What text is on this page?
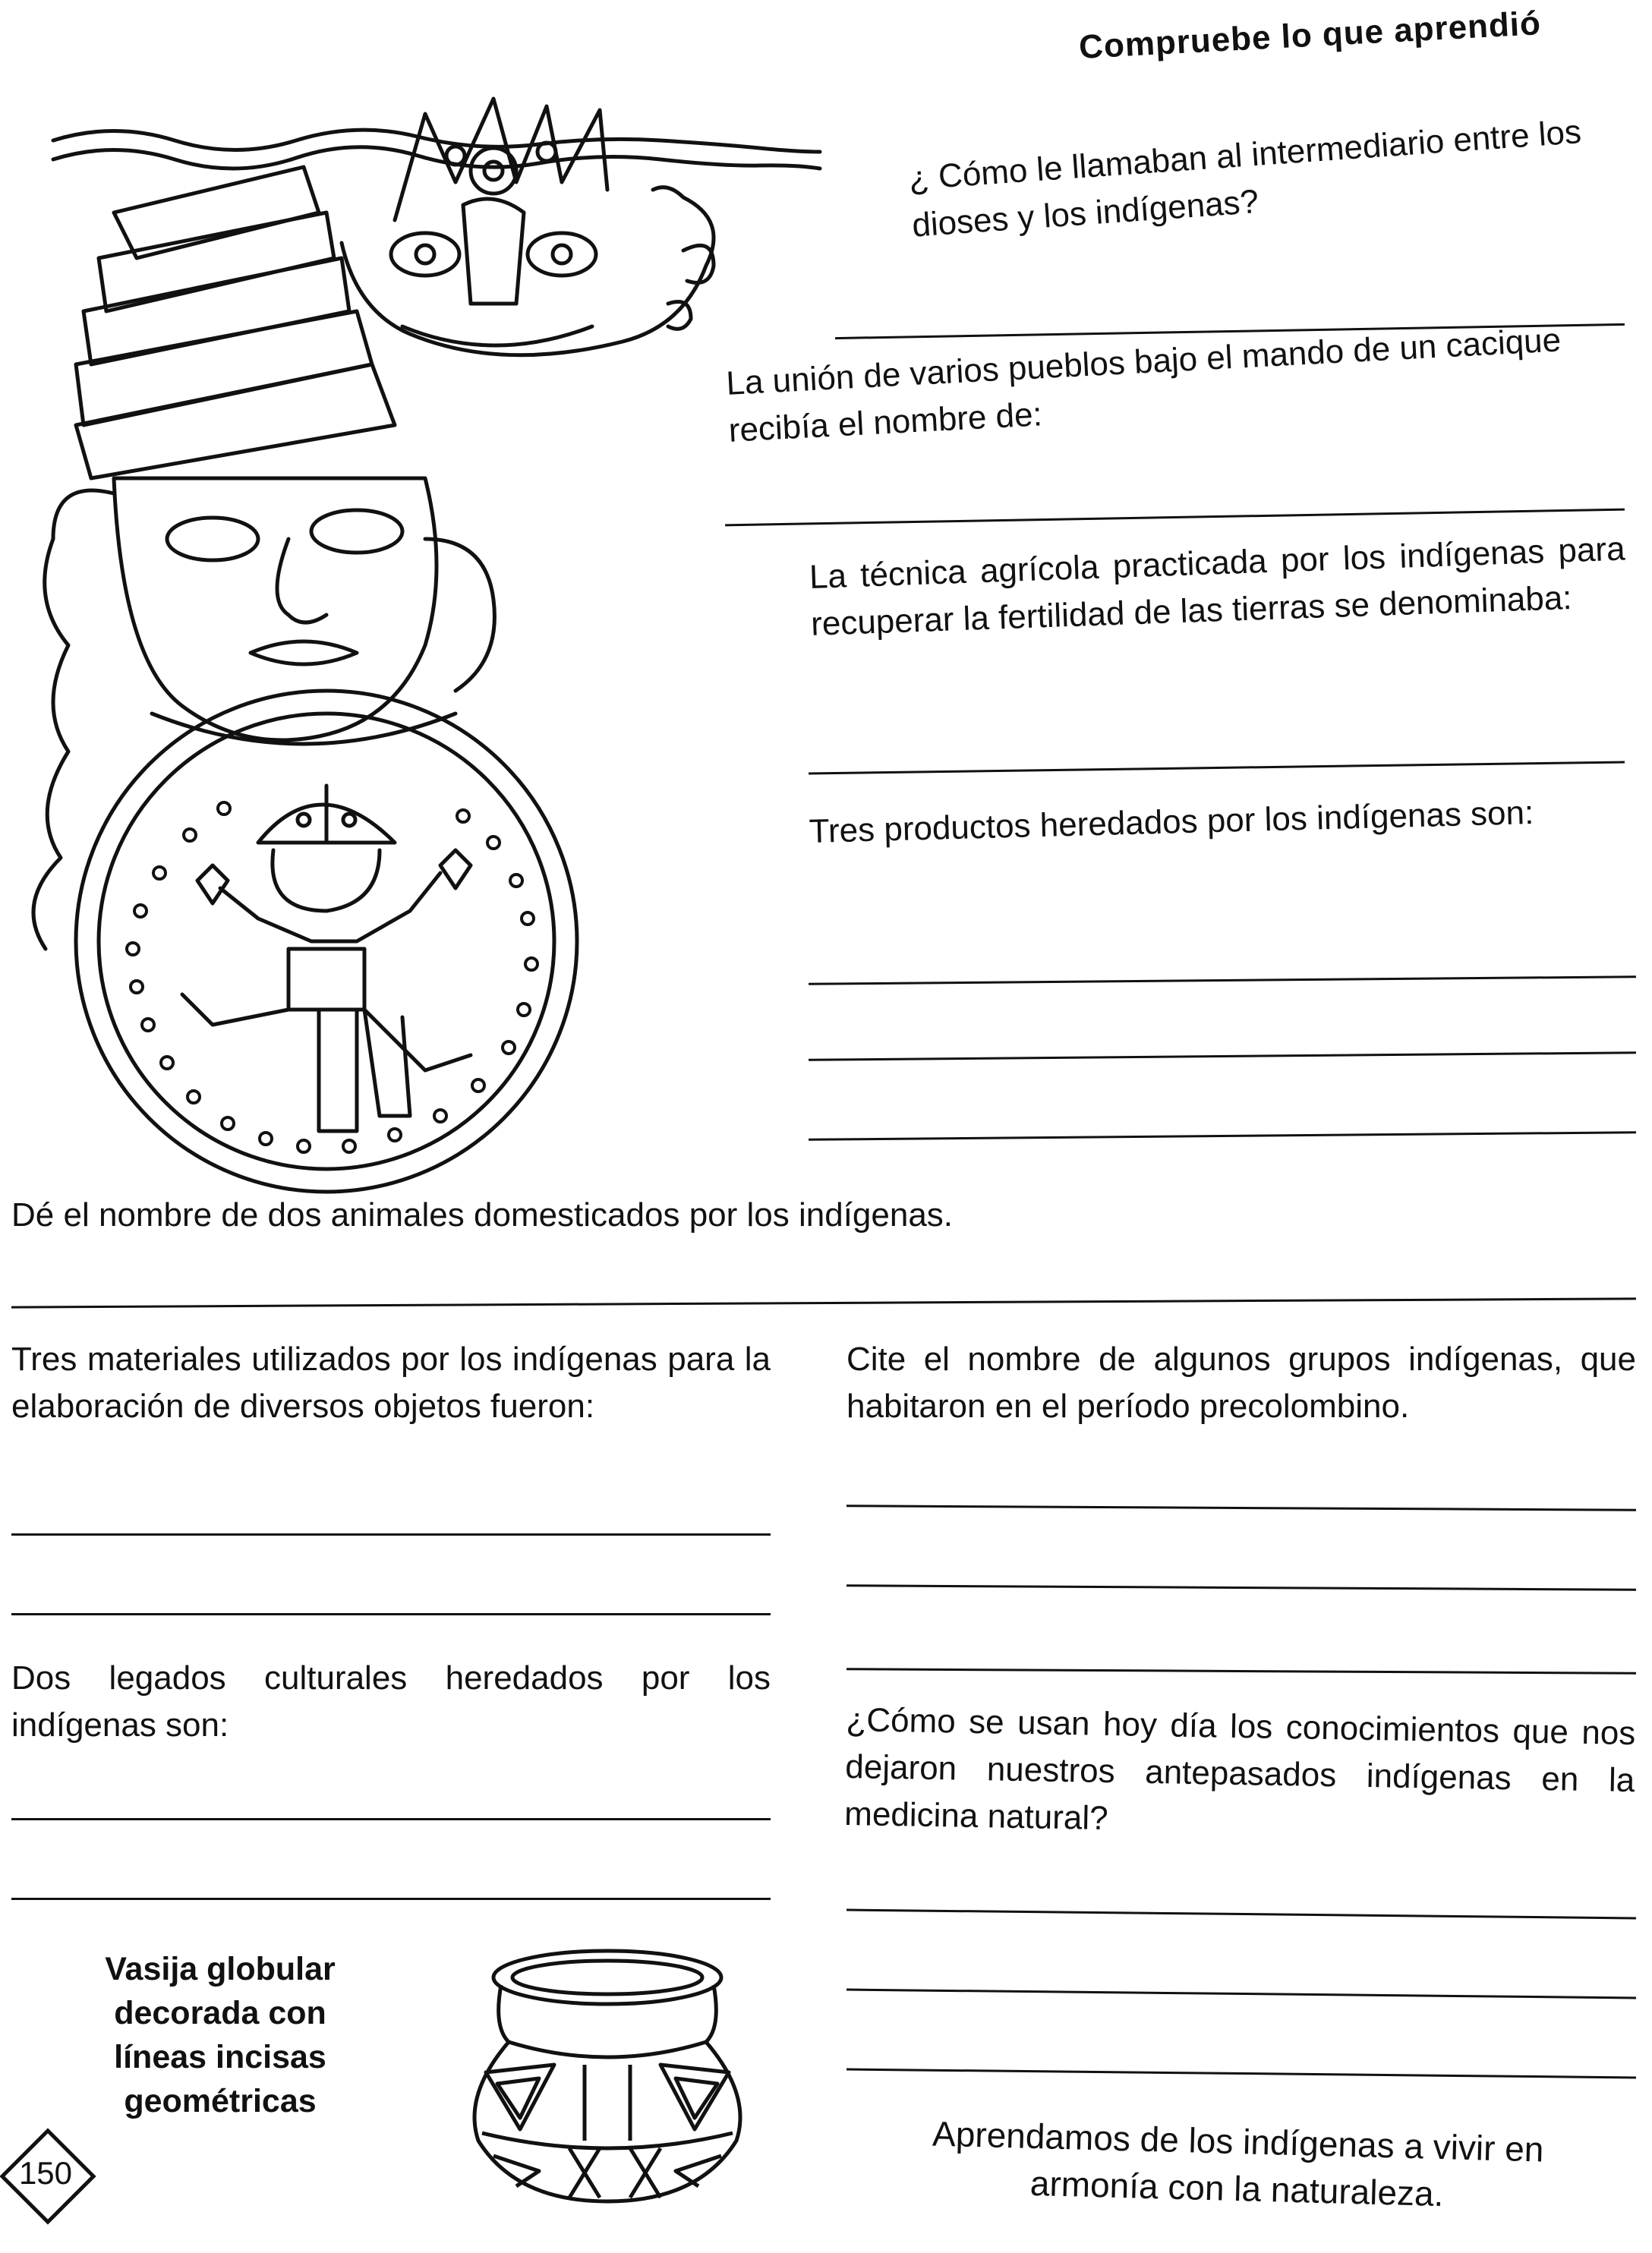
Compruebe lo que aprendió
¿ Cómo le llamaban al intermediario entre los dioses y los indígenas?
La unión de varios pueblos bajo el mando de un cacique recibía el nombre de:
La técnica agrícola practicada por los indígenas para recuperar la fertilidad de las tierras se denominaba:
Tres productos heredados por los indígenas son:
Dé el nombre de dos animales domesticados por los indígenas.
Tres materiales utilizados por los indígenas para la elaboración de diversos objetos fueron:
Dos legados culturales heredados por los indígenas son:
Cite el nombre de algunos grupos indígenas, que habitaron en el período precolombino.
¿Cómo se usan hoy día los conocimientos que nos dejaron nuestros antepasados indígenas en la medicina natural?
Vasija globular
decorada con
líneas incisas
geométricas
Aprendamos de los indígenas a vivir en
armonía con la naturaleza.
150
